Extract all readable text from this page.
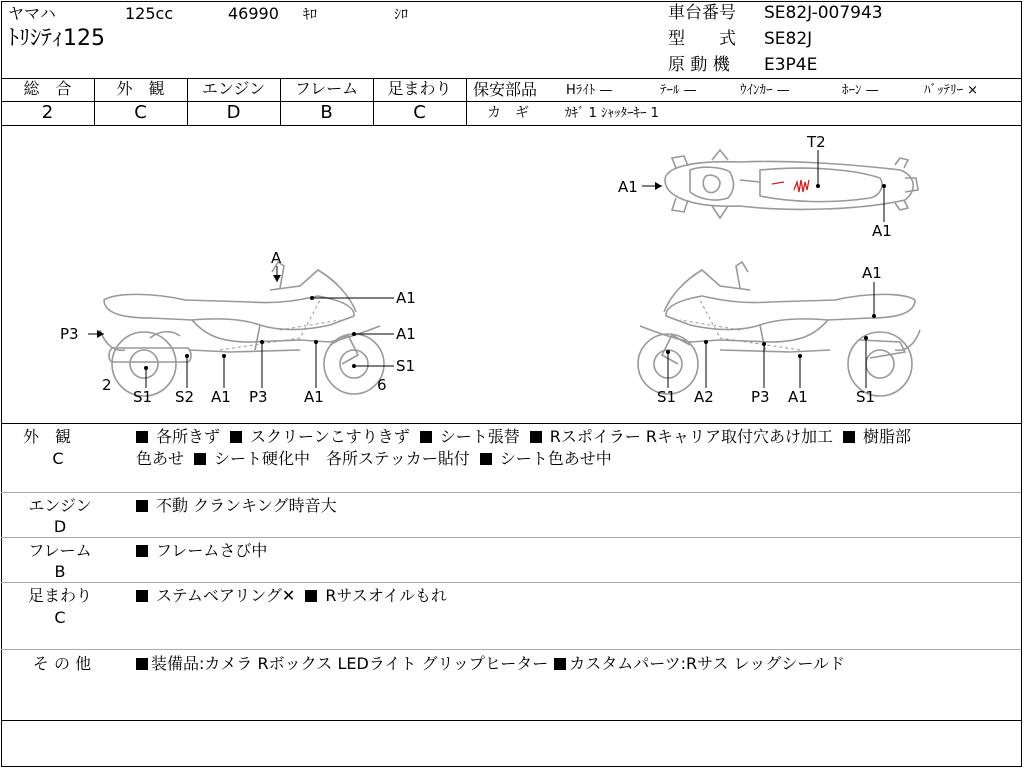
ヤマハ	125cc	46990 ｷﾛ	ｼﾛ
ﾄﾘｼﾃｨ125
車台番号 SE82J-007943
型　　式 SE82J
原 動 機 E3P4E
総　合
2
外　観
C
エンジン
D
フレーム
B
足まわり
C
保安部品 Hﾗｲﾄ —	ﾃｰﾙ —	ｳｲﾝｶｰ —	ﾎｰﾝ —	ﾊﾞｯﾃﾘｰ ×
カ　ギ	ｶｷﾞ 1 ｼｬｯﾀｰｷｰ 1
A1
T2
A1
A
A1
P3	A1
S1
2	6
S1 S2 A1 P3 A1
A1
S1 A2 P3 A1	S1
外　観
C
各所きず スクリーンこすりきず シート張替 Rスポイラー Rキャリア取付穴あけ加工 樹脂部
色あせ シート硬化中　各所ステッカー貼付 シート色あせ中
エンジン
D
不動 クランキング時音大
フレーム
B
フレームさび中
足まわり
C
ステムベアリング✕ Rサスオイルもれ
そ の 他	装備品:カメラ Rボックス LEDライト グリップヒーター カスタムパーツ:Rサス レッグシールド
